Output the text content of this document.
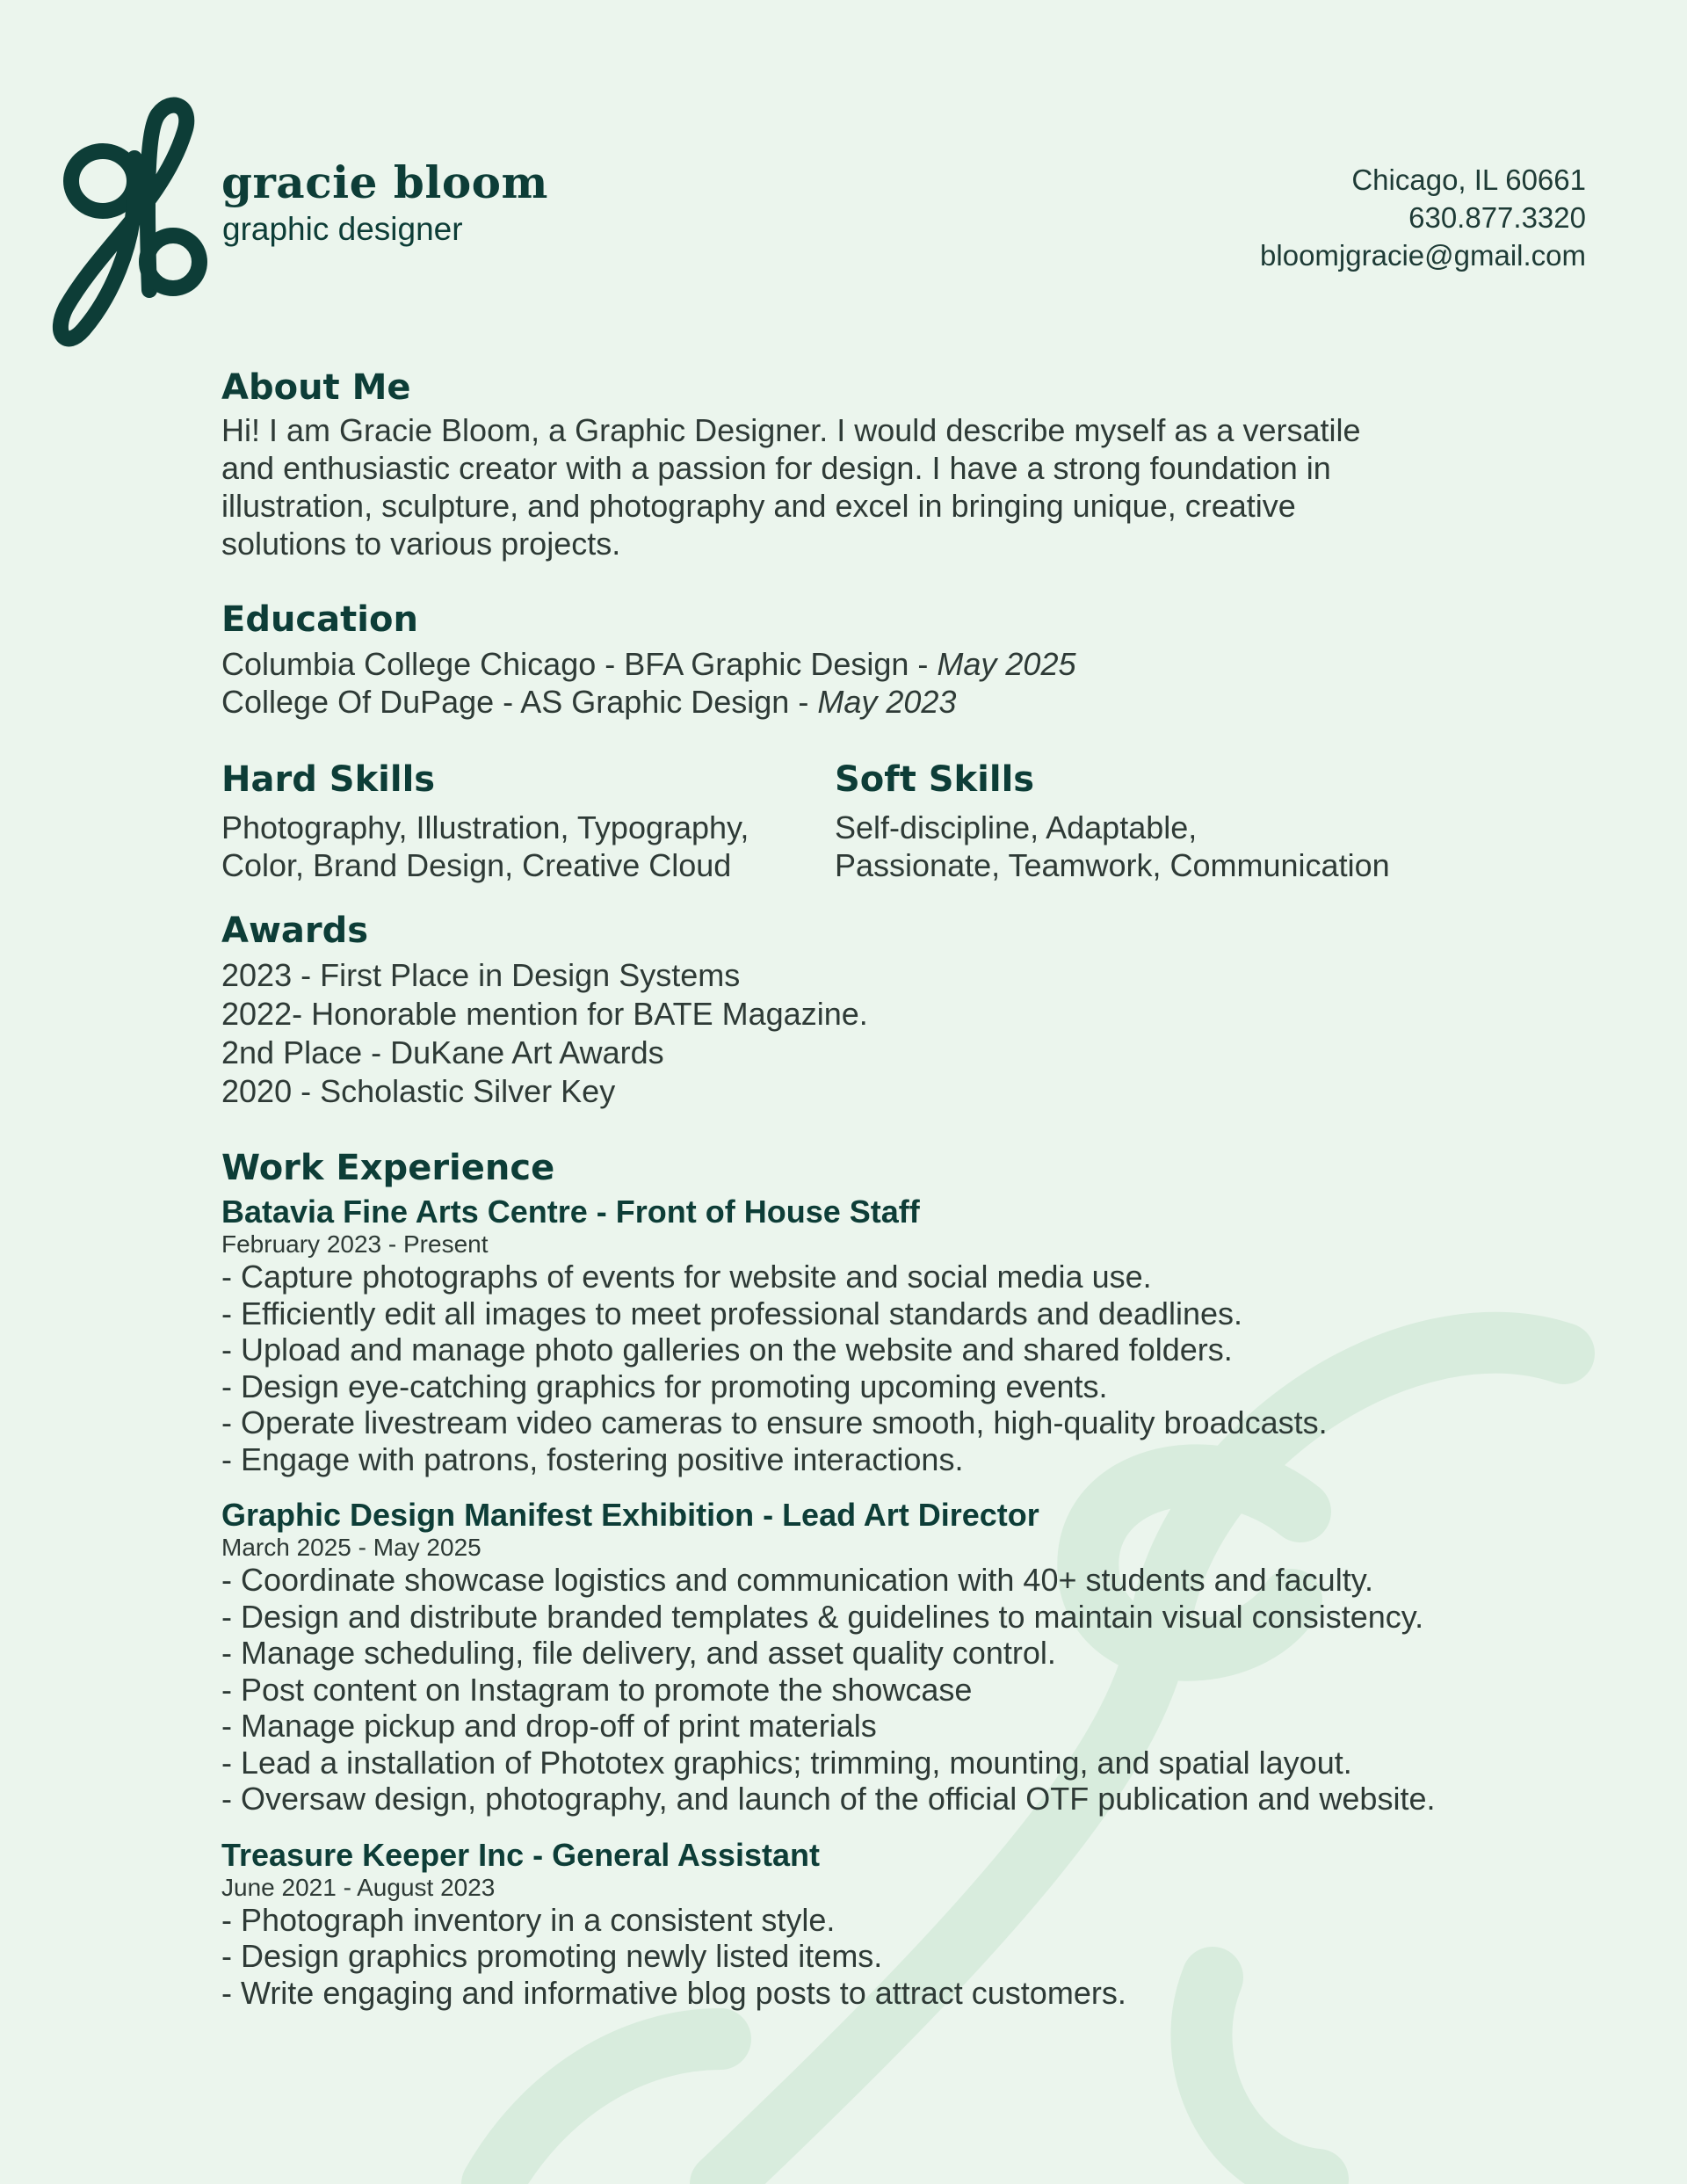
gracie bloom
graphic designer
Chicago, IL 60661
630.877.3320
bloomjgracie@gmail.com
About Me
Hi! I am Gracie Bloom, a Graphic Designer. I would describe myself as a versatile
and enthusiastic creator with a passion for design. I have a strong foundation in
illustration, sculpture, and photography and excel in bringing unique, creative
solutions to various projects.
Education
Columbia College Chicago - BFA Graphic Design - May 2025
College Of DuPage - AS Graphic Design - May 2023
Hard Skills
Photography, Illustration, Typography,
Color, Brand Design, Creative Cloud
Soft Skills
Self-discipline, Adaptable,
Passionate, Teamwork, Communication
Awards
2023 - First Place in Design Systems
2022- Honorable mention for BATE Magazine.
2nd Place - DuKane Art Awards
2020 - Scholastic Silver Key
Work Experience
Batavia Fine Arts Centre - Front of House Staff
February 2023 - Present
- Capture photographs of events for website and social media use.
- Efficiently edit all images to meet professional standards and deadlines.
- Upload and manage photo galleries on the website and shared folders.
- Design eye-catching graphics for promoting upcoming events.
- Operate livestream video cameras to ensure smooth, high-quality broadcasts.
- Engage with patrons, fostering positive interactions.
Graphic Design Manifest Exhibition - Lead Art Director
March 2025 - May 2025
- Coordinate showcase logistics and communication with 40+ students and faculty.
- Design and distribute branded templates & guidelines to maintain visual consistency.
- Manage scheduling, file delivery, and asset quality control.
- Post content on Instagram to promote the showcase
- Manage pickup and drop-off of print materials
- Lead a installation of Phototex graphics; trimming, mounting, and spatial layout.
- Oversaw design, photography, and launch of the official OTF publication and website.
Treasure Keeper Inc - General Assistant
June 2021 - August 2023
- Photograph inventory in a consistent style.
- Design graphics promoting newly listed items.
- Write engaging and informative blog posts to attract customers.
